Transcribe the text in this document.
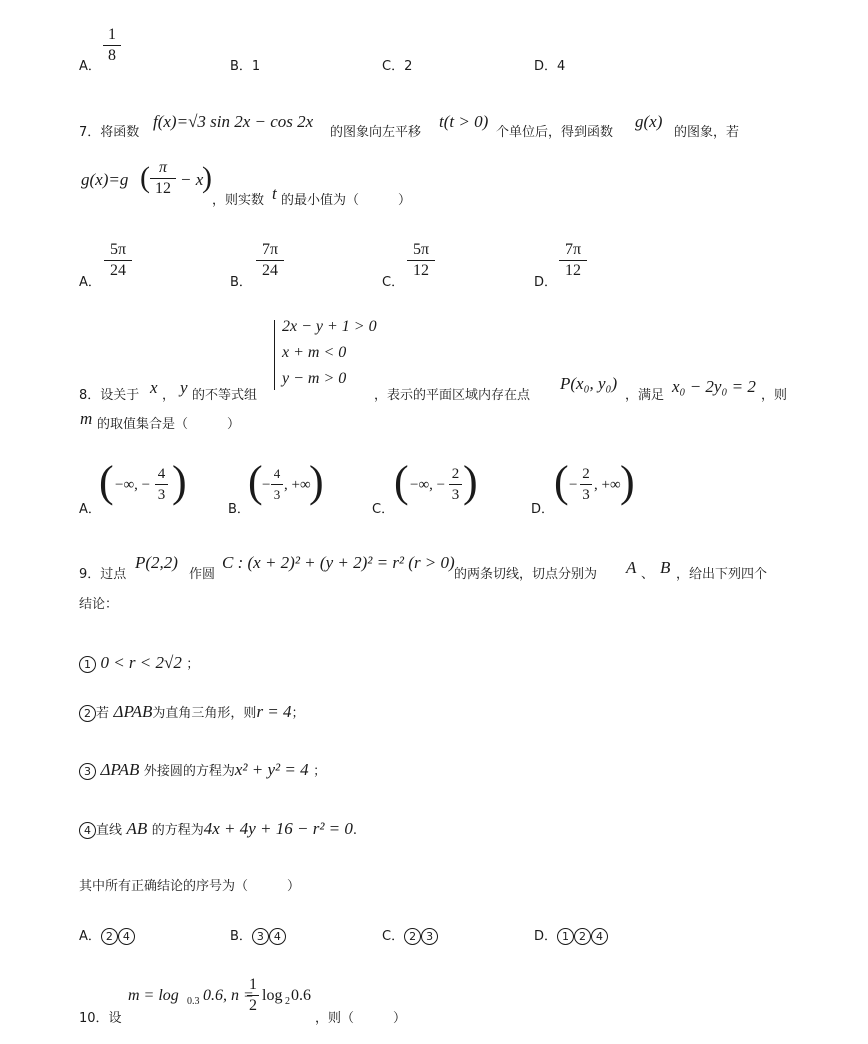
A．
1
8
B．1	C．2	D．4
7．将函数
f(x)=√3 sin 2x − cos 2x
的图象向左平移
t(t > 0)
个单位后，得到函数
g(x)
的图象，若
g(x)=g ( π
12 − x
)
，则实数 t 的最小值为（　　　）
A．
5π
24
B．
7π
24
C．
5π
12
D．
7π
12
2x − y + 1 > 0
x + m < 0
y − m > 0
8．设关于 x ， y 的不等式组	，表示的平面区域内存在点
P(x₀, y₀)
，满足 x₀ − 2y₀ = 2 ，则
m 的取值集合是（　　　）
A．
( −∞, −
4
3 )
B．
( −
4
3
, +∞
)
C．
( −∞, −
2
3 )
D．
( −
2
3
, +∞ )
9．过点
P(2,2)
作圆
C : (x + 2)² + (y + 2)² = r² (r > 0)
的两条切线，切点分别为 A 、 B ，给出下列四个
结论：
1 0 < r < 2√2 ；
2 若 ΔPAB为直角三角形，则r = 4；
3 ΔPAB 外接圆的方程为x² + y² = 4 ；
4 直线 AB 的方程为4x + 4y + 16 − r² = 0.
其中所有正确结论的序号为（　　　）
A． 2 4	B． 3 4	C． 2 3	D． 1 2 4
10．设
m = log 0.3 0.6, n =
1
2
log 2 0.6
，则（　　　）
